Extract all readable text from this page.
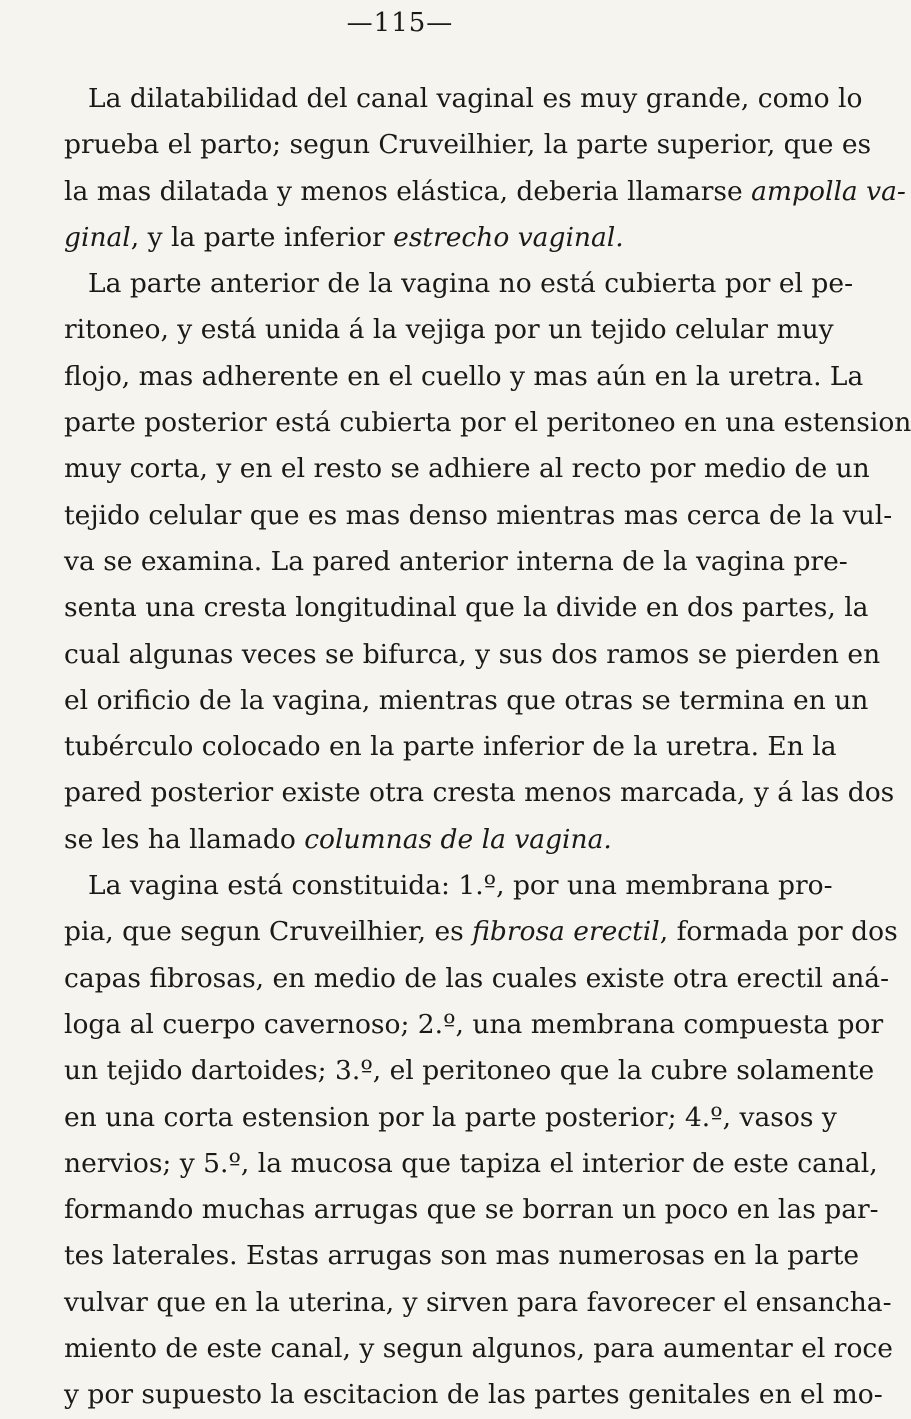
—115—
La dilatabilidad del canal vaginal es muy grande, como lo
prueba el parto; segun Cruveilhier, la parte superior, que es
la mas dilatada y menos elástica, deberia llamarse ampolla va-
ginal, y la parte inferior estrecho vaginal.
La parte anterior de la vagina no está cubierta por el pe-
ritoneo, y está unida á la vejiga por un tejido celular muy
flojo, mas adherente en el cuello y mas aún en la uretra. La
parte posterior está cubierta por el peritoneo en una estension
muy corta, y en el resto se adhiere al recto por medio de un
tejido celular que es mas denso mientras mas cerca de la vul-
va se examina. La pared anterior interna de la vagina pre-
senta una cresta longitudinal que la divide en dos partes, la
cual algunas veces se bifurca, y sus dos ramos se pierden en
el orificio de la vagina, mientras que otras se termina en un
tubérculo colocado en la parte inferior de la uretra. En la
pared posterior existe otra cresta menos marcada, y á las dos
se les ha llamado columnas de la vagina.
La vagina está constituida: 1.º, por una membrana pro-
pia, que segun Cruveilhier, es fibrosa erectil, formada por dos
capas fibrosas, en medio de las cuales existe otra erectil aná-
loga al cuerpo cavernoso; 2.º, una membrana compuesta por
un tejido dartoides; 3.º, el peritoneo que la cubre solamente
en una corta estension por la parte posterior; 4.º, vasos y
nervios; y 5.º, la mucosa que tapiza el interior de este canal,
formando muchas arrugas que se borran un poco en las par-
tes laterales. Estas arrugas son mas numerosas en la parte
vulvar que en la uterina, y sirven para favorecer el ensancha-
miento de este canal, y segun algunos, para aumentar el roce
y por supuesto la escitacion de las partes genitales en el mo-
